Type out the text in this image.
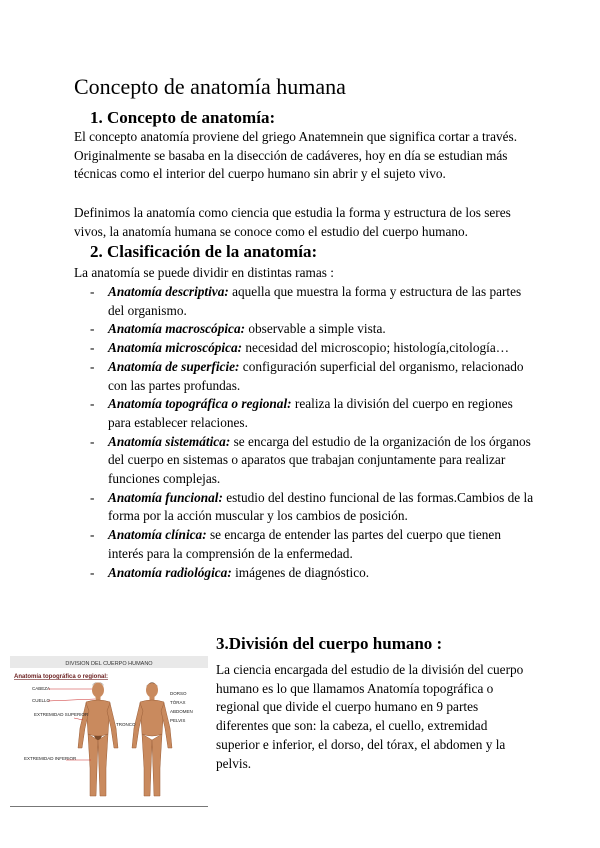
Concepto de anatomía humana
1. Concepto de anatomía:

El concepto anatomía proviene del griego Anatemnein que significa cortar a través. Originalmente se basaba en la disección de cadáveres, hoy en día se estudian más técnicas como el interior del cuerpo humano sin abrir y el sujeto vivo.

Definimos la anatomía como ciencia que estudia la forma y estructura de los seres vivos, la anatomía humana se conoce como el estudio del cuerpo humano.

2. Clasificación de la anatomía:

La anatomía se puede dividir en distintas ramas :

- Anatomía descriptiva: aquella que muestra la forma y estructura de las partes del organismo.
- Anatomía macroscópica: observable a simple vista.
- Anatomía microscópica: necesidad del microscopio; histología,citología…
- Anatomía de superficie: configuración superficial del organismo, relacionado con las partes profundas.
- Anatomía topográfica o regional: realiza la división del cuerpo en regiones para establecer relaciones.
- Anatomía sistemática: se encarga del estudio de la organización de los órganos del cuerpo en sistemas o aparatos que trabajan conjuntamente para realizar funciones complejas.
- Anatomía funcional: estudio del destino funcional de las formas.Cambios de la forma por la acción muscular y los cambios de posición.
- Anatomía clínica: se encarga de entender las partes del cuerpo que tienen interés para la comprensión de la enfermedad.
- Anatomía radiológica: imágenes de diagnóstico.
3.División del cuerpo humano :

La ciencia encargada del estudio de la división del cuerpo humano es lo que llamamos Anatomía topográfica o regional que divide el cuerpo humano en 9 partes diferentes que son: la cabeza, el cuello, extremidad superior e inferior, el dorso, del tórax, el abdomen y la pelvis.

DIVISION DEL CUERPO HUMANO
Anatomía topográfica o regional:
CABEZA
CUELLO
EXTREMIDAD SUPERIOR
EXTREMIDAD INFERIOR
TRONCO
DORSO
TÓRAX
ABDOMEN
PELVIS
